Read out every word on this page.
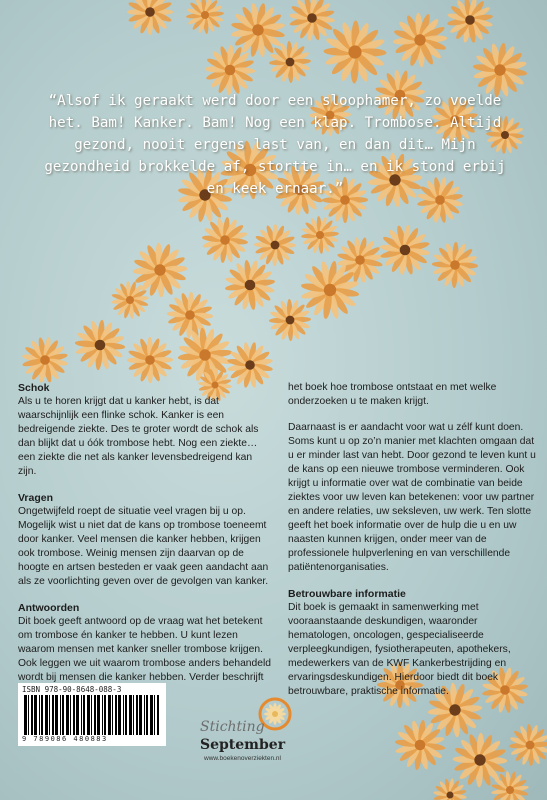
“Alsof ik geraakt werd door een sloophamer, zo voelde het. Bam! Kanker. Bam! Nog een klap. Trombose. Altijd gezond, nooit ergens last van, en dan dit… Mijn gezondheid brokkelde af, stortte in… en ik stond erbij en keek ernaar.”

Schok

Als u te horen krijgt dat u kanker hebt, is dat waarschijnlijk een flinke schok. Kanker is een bedreigende ziekte. Des te groter wordt de schok als dan blijkt dat u óók trombose hebt. Nog een ziekte… een ziekte die net als kanker levensbedreigend kan zijn.

Vragen

Ongetwijfeld roept de situatie veel vragen bij u op. Mogelijk wist u niet dat de kans op trombose toeneemt door kanker. Veel mensen die kanker hebben, krijgen ook trombose. Weinig mensen zijn daarvan op de hoogte en artsen besteden er vaak geen aandacht aan als ze voorlichting geven over de gevolgen van kanker.

Antwoorden

Dit boek geeft antwoord op de vraag wat het betekent om trombose én kanker te hebben. U kunt lezen waarom mensen met kanker sneller trombose krijgen. Ook leggen we uit waarom trombose anders behandeld wordt bij mensen die kanker hebben. Verder beschrijft

het boek hoe trombose ontstaat en met welke onderzoeken u te maken krijgt.

Daarnaast is er aandacht voor wat u zélf kunt doen. Soms kunt u op zo’n manier met klachten omgaan dat u er minder last van hebt. Door gezond te leven kunt u de kans op een nieuwe trombose verminderen. Ook krijgt u informatie over wat de combinatie van beide ziektes voor uw leven kan betekenen: voor uw partner en andere relaties, uw seksleven, uw werk. Ten slotte geeft het boek informatie over de hulp die u en uw naasten kunnen krijgen, onder meer van de professionele hulpverlening en van verschillende patiëntenorganisaties.

Betrouwbare informatie

Dit boek is gemaakt in samenwerking met vooraanstaande deskundigen, waaronder hematologen, oncologen, gespecialiseerde verpleegkundigen, fysiotherapeuten, apothekers, medewerkers van de KWF Kankerbestrijding en ervaringsdeskundigen. Hierdoor biedt dit boek betrouwbare, praktische informatie.

ISBN 978-90-8648-088-3
9 789086 480883
Stichting
September
www.boekenoverziekten.nl
